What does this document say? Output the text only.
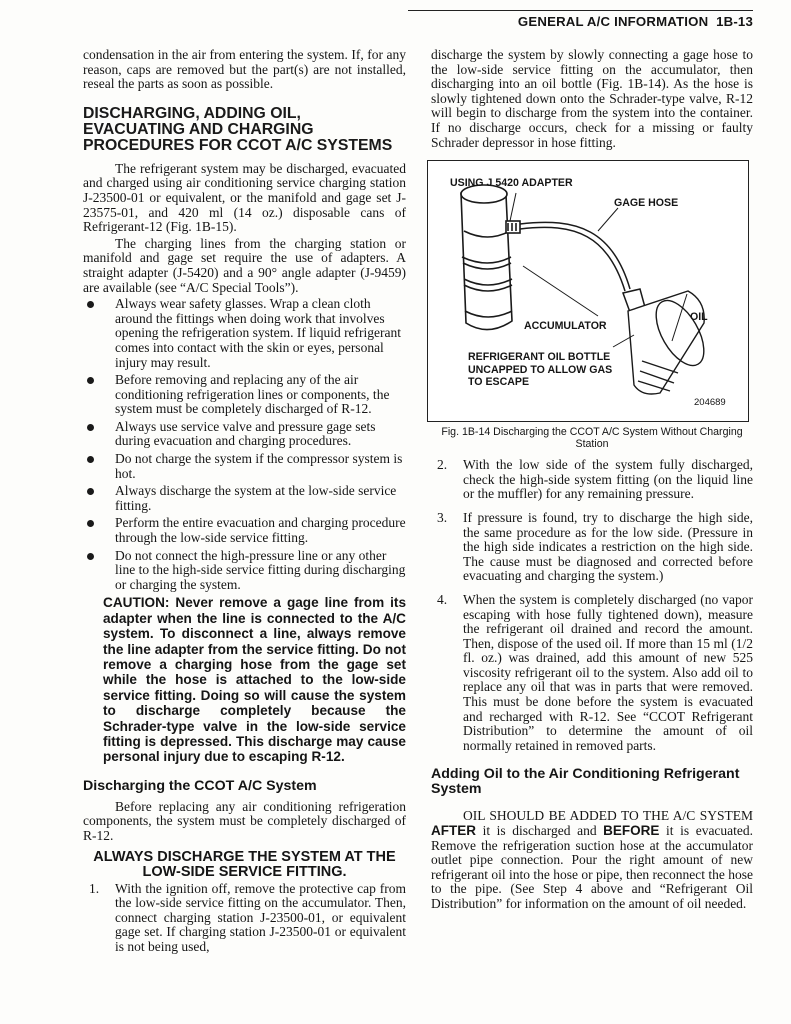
GENERAL A/C INFORMATION 1B-13

condensation in the air from entering the system. If, for any reason, caps are removed but the part(s) are not installed, reseal the parts as soon as possible.

DISCHARGING, ADDING OIL, EVACUATING AND CHARGING PROCEDURES FOR CCOT A/C SYSTEMS

The refrigerant system may be discharged, evacuated and charged using air conditioning service charging station J-23500-01 or equivalent, or the manifold and gage set J-23575-01, and 420 ml (14 oz.) disposable cans of Refrigerant-12 (Fig. 1B-15).

The charging lines from the charging station or manifold and gage set require the use of adapters. A straight adapter (J-5420) and a 90° angle adapter (J-9459) are available (see “A/C Special Tools”).

Always wear safety glasses. Wrap a clean cloth around the fittings when doing work that involves opening the refrigeration system. If liquid refrigerant comes into contact with the skin or eyes, personal injury may result.
Before removing and replacing any of the air conditioning refrigeration lines or components, the system must be completely discharged of R-12.
Always use service valve and pressure gage sets during evacuation and charging procedures.
Do not charge the system if the compressor system is hot.
Always discharge the system at the low-side service fitting.
Perform the entire evacuation and charging procedure through the low-side service fitting.
Do not connect the high-pressure line or any other line to the high-side service fitting during discharging or charging the system.
CAUTION: Never remove a gage line from its adapter when the line is connected to the A/C system. To disconnect a line, always remove the line adapter from the service fitting. Do not remove a charging hose from the gage set while the hose is attached to the low-side service fitting. Doing so will cause the system to discharge completely because the Schrader-type valve in the low-side service fitting is depressed. This discharge may cause personal injury due to escaping R-12.
Discharging the CCOT A/C System

Before replacing any air conditioning refrigeration components, the system must be completely discharged of R-12.

ALWAYS DISCHARGE THE SYSTEM AT THE LOW-SIDE SERVICE FITTING.
1. With the ignition off, remove the protective cap from the low-side service fitting on the accumulator. Then, connect charging station J-23500-01, or equivalent gage set. If charging station J-23500-01 or equivalent is not being used,

discharge the system by slowly connecting a gage hose to the low-side service fitting on the accumulator, then discharging into an oil bottle (Fig. 1B-14). As the hose is slowly tightened down onto the Schrader-type valve, R-12 will begin to discharge from the system into the container. If no discharge occurs, check for a missing or faulty Schrader depressor in hose fitting.

USING J 5420 ADAPTER
GAGE HOSE
OIL
ACCUMULATOR
REFRIGERANT OIL BOTTLE
UNCAPPED TO ALLOW GAS
TO ESCAPE
204689
Fig. 1B-14 Discharging the CCOT A/C System Without Charging Station
2. With the low side of the system fully discharged, check the high-side system fitting (on the liquid line or the muffler) for any remaining pressure.
3. If pressure is found, try to discharge the high side, the same procedure as for the low side. (Pressure in the high side indicates a restriction on the high side. The cause must be diagnosed and corrected before evacuating and charging the system.)
4. When the system is completely discharged (no vapor escaping with hose fully tightened down), measure the refrigerant oil drained and record the amount. Then, dispose of the used oil. If more than 15 ml (1/2 fl. oz.) was drained, add this amount of new 525 viscosity refrigerant oil to the system. Also add oil to replace any oil that was in parts that were removed. This must be done before the system is evacuated and recharged with R-12. See “CCOT Refrigerant Distribution” to determine the amount of oil normally retained in removed parts.
Adding Oil to the Air Conditioning Refrigerant System

OIL SHOULD BE ADDED TO THE A/C SYSTEM AFTER it is discharged and BEFORE it is evacuated. Remove the refrigeration suction hose at the accumulator outlet pipe connection. Pour the right amount of new refrigerant oil into the hose or pipe, then reconnect the hose to the pipe. (See Step 4 above and “Refrigerant Oil Distribution” for information on the amount of oil needed.
